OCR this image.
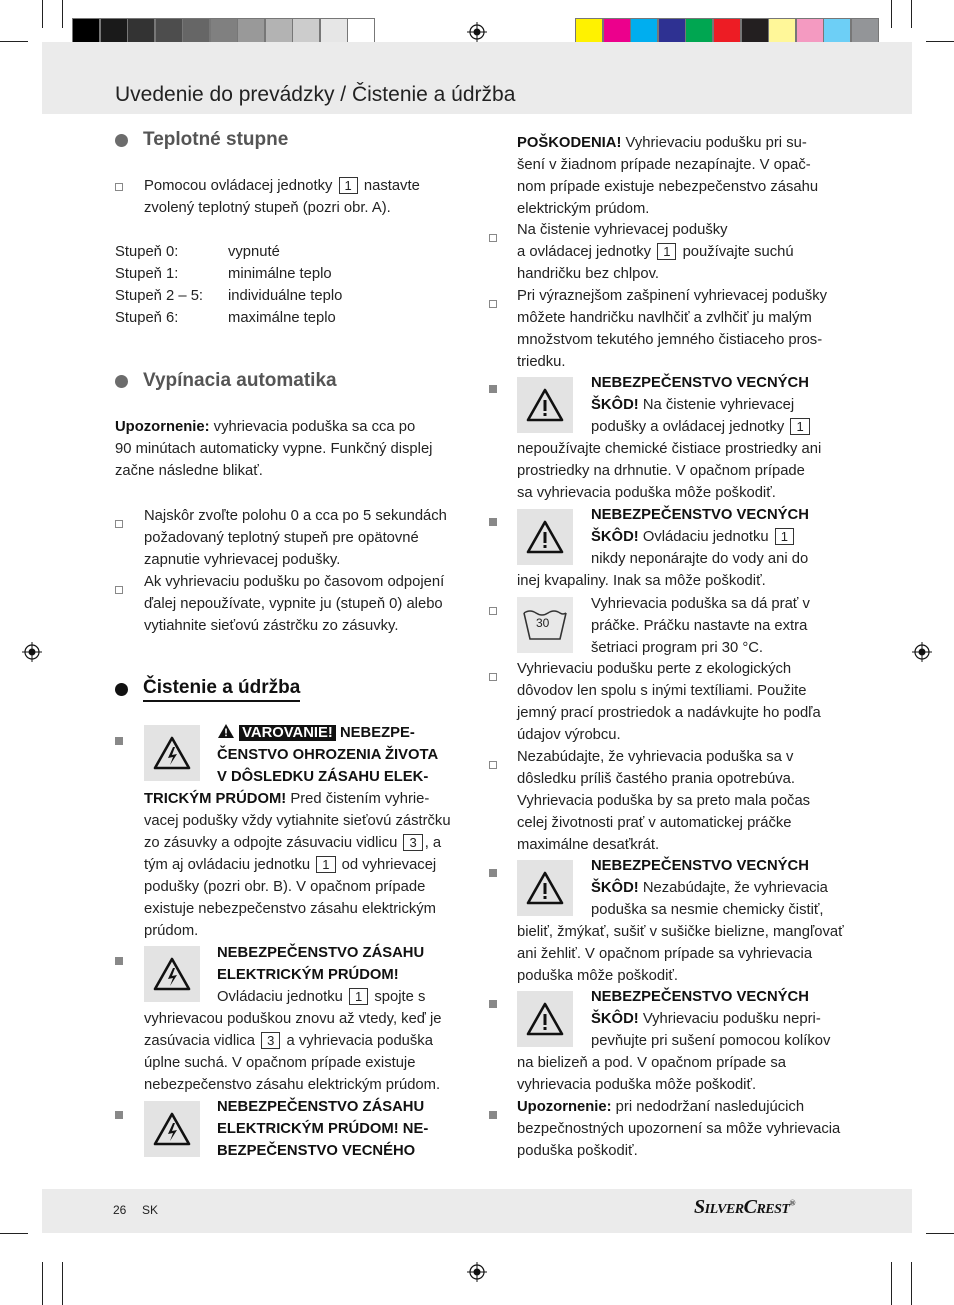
Uvedenie do prevádzky / Čistenie a údržba
Teplotné stupne
Pomocou ovládacej jednotky 1 nastavte
zvolený teplotný stupeň (pozri obr. A).
Stupeň 0:	vypnuté
Stupeň 1:	minimálne teplo
Stupeň 2 – 5:	individuálne teplo
Stupeň 6:	maximálne teplo
Vypínacia automatika
Upozornenie: vyhrievacia poduška sa cca po
90 minútach automaticky vypne. Funkčný displej
začne následne blikať.
Najskôr zvoľte polohu 0 a cca po 5 sekundách
požadovaný teplotný stupeň pre opätovné
zapnutie vyhrievacej podušky.
Ak vyhrievaciu podušku po časovom odpojení
ďalej nepoužívate, vypnite ju (stupeň 0) alebo
vytiahnite sieťovú zástrčku zo zásuvky.
Čistenie a údržba
VAROVANIE! NEBEZPE-
ČENSTVO OHROZENIA ŽIVOTA
V DÔSLEDKU ZÁSAHU ELEK-
TRICKÝM PRÚDOM! Pred čistením vyhrie-
vacej podušky vždy vytiahnite sieťovú zástrčku
zo zásuvky a odpojte zásuvaciu vidlicu 3 , a
tým aj ovládaciu jednotku 1 od vyhrievacej
podušky (pozri obr. B). V opačnom prípade
existuje nebezpečenstvo zásahu elektrickým
prúdom.
NEBEZPEČENSTVO ZÁSAHU
ELEKTRICKÝM PRÚDOM!
Ovládaciu jednotku 1 spojte s
vyhrievacou poduškou znovu až vtedy, keď je
zasúvacia vidlica 3 a vyhrievacia poduška
úplne suchá. V opačnom prípade existuje
nebezpečenstvo zásahu elektrickým prúdom.
NEBEZPEČENSTVO ZÁSAHU
ELEKTRICKÝM PRÚDOM! NE-
BEZPEČENSTVO VECNÉHO
POŠKODENIA! Vyhrievaciu podušku pri su-
šení v žiadnom prípade nezapínajte. V opač-
nom prípade existuje nebezpečenstvo zásahu
elektrickým prúdom.
Na čistenie vyhrievacej podušky
a ovládacej jednotky 1 používajte suchú
handričku bez chlpov.
Pri výraznejšom zašpinení vyhrievacej podušky
môžete handričku navlhčiť a zvlhčiť ju malým
množstvom tekutého jemného čistiaceho pros-
triedku.
NEBEZPEČENSTVO VECNÝCH
ŠKÔD! Na čistenie vyhrievacej
podušky a ovládacej jednotky 1
nepoužívajte chemické čistiace prostriedky ani
prostriedky na drhnutie. V opačnom prípade
sa vyhrievacia poduška môže poškodiť.
NEBEZPEČENSTVO VECNÝCH
ŠKÔD! Ovládaciu jednotku 1
nikdy neponárajte do vody ani do
inej kvapaliny. Inak sa môže poškodiť.
30
Vyhrievacia poduška sa dá prať v
práčke. Práčku nastavte na extra
šetriaci program pri 30 °C.
Vyhrievaciu podušku perte z ekologických
dôvodov len spolu s inými textíliami. Použite
jemný prací prostriedok a nadávkujte ho podľa
údajov výrobcu.
Nezabúdajte, že vyhrievacia poduška sa v
dôsledku príliš častého prania opotrebúva.
Vyhrievacia poduška by sa preto mala počas
celej životnosti prať v automatickej práčke
maximálne desaťkrát.
NEBEZPEČENSTVO VECNÝCH
ŠKÔD! Nezabúdajte, že vyhrievacia
poduška sa nesmie chemicky čistiť,
bieliť, žmýkať, sušiť v sušičke bielizne, mangľovať
ani žehliť. V opačnom prípade sa vyhrievacia
poduška môže poškodiť.
NEBEZPEČENSTVO VECNÝCH
ŠKÔD! Vyhrievaciu podušku nepri-
pevňujte pri sušení pomocou kolíkov
na bielizeň a pod. V opačnom prípade sa
vyhrievacia poduška môže poškodiť.
Upozornenie: pri nedodržaní nasledujúcich
bezpečnostných upozornení sa môže vyhrievacia
poduška poškodiť.
26 SK	SilverCrest®
